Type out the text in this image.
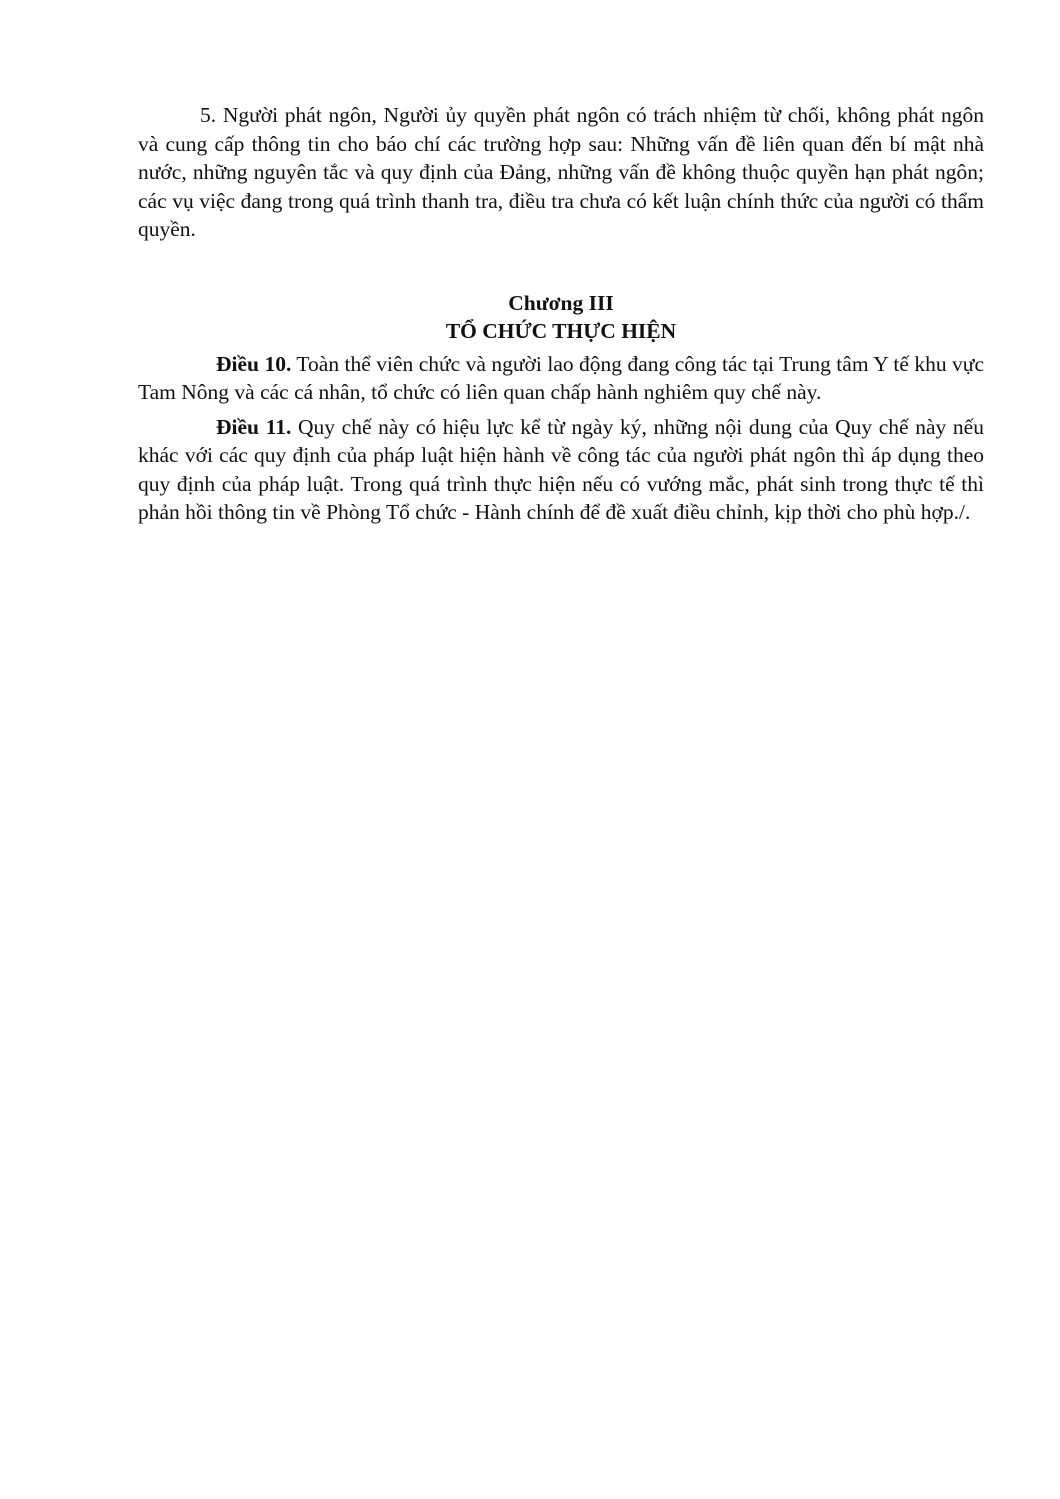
5. Người phát ngôn, Người ủy quyền phát ngôn có trách nhiệm từ chối, không phát ngôn và cung cấp thông tin cho báo chí các trường hợp sau: Những vấn đề liên quan đến bí mật nhà nước, những nguyên tắc và quy định của Đảng, những vấn đề không thuộc quyền hạn phát ngôn; các vụ việc đang trong quá trình thanh tra, điều tra chưa có kết luận chính thức của người có thẩm quyền.

Chương III

TỔ CHỨC THỰC HIỆN

Điều 10. Toàn thể viên chức và người lao động đang công tác tại Trung tâm Y tế khu vực Tam Nông và các cá nhân, tổ chức có liên quan chấp hành nghiêm quy chế này.

Điều 11. Quy chế này có hiệu lực kể từ ngày ký, những nội dung của Quy chế này nếu khác với các quy định của pháp luật hiện hành về công tác của người phát ngôn thì áp dụng theo quy định của pháp luật. Trong quá trình thực hiện nếu có vướng mắc, phát sinh trong thực tế thì phản hồi thông tin về Phòng Tổ chức - Hành chính để đề xuất điều chỉnh, kịp thời cho phù hợp./.
